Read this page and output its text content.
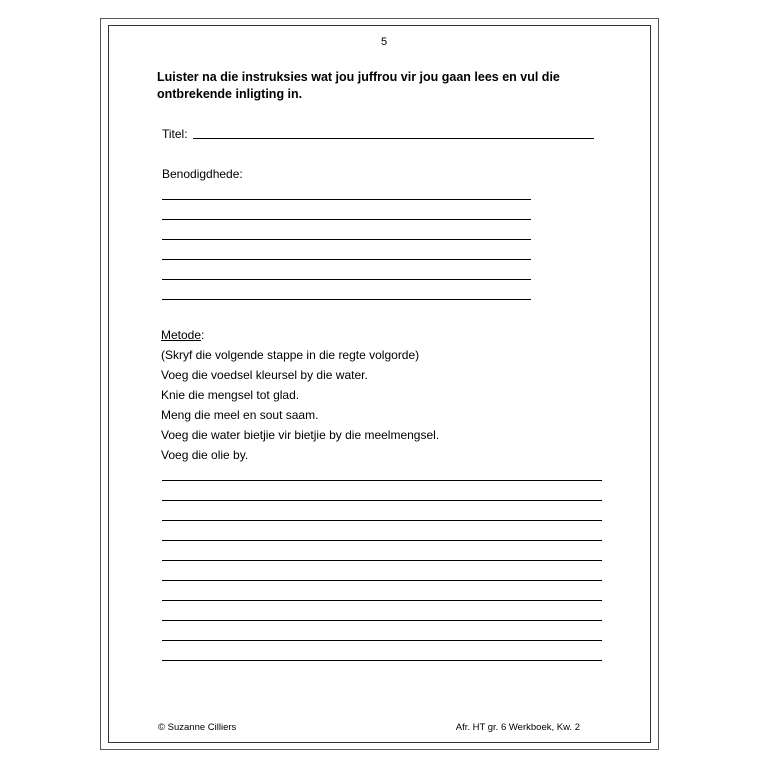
5
Luister na die instruksies wat jou juffrou vir jou gaan lees en vul die ontbrekende inligting in.
Titel:
Benodigdhede:
Metode:
(Skryf die volgende stappe in die regte volgorde)
Voeg die voedsel kleursel by die water.
Knie die mengsel tot glad.
Meng die meel en sout saam.
Voeg die water bietjie vir bietjie by die meelmengsel.
Voeg die olie by.
© Suzanne Cilliers	Afr. HT gr. 6 Werkboek, Kw. 2
